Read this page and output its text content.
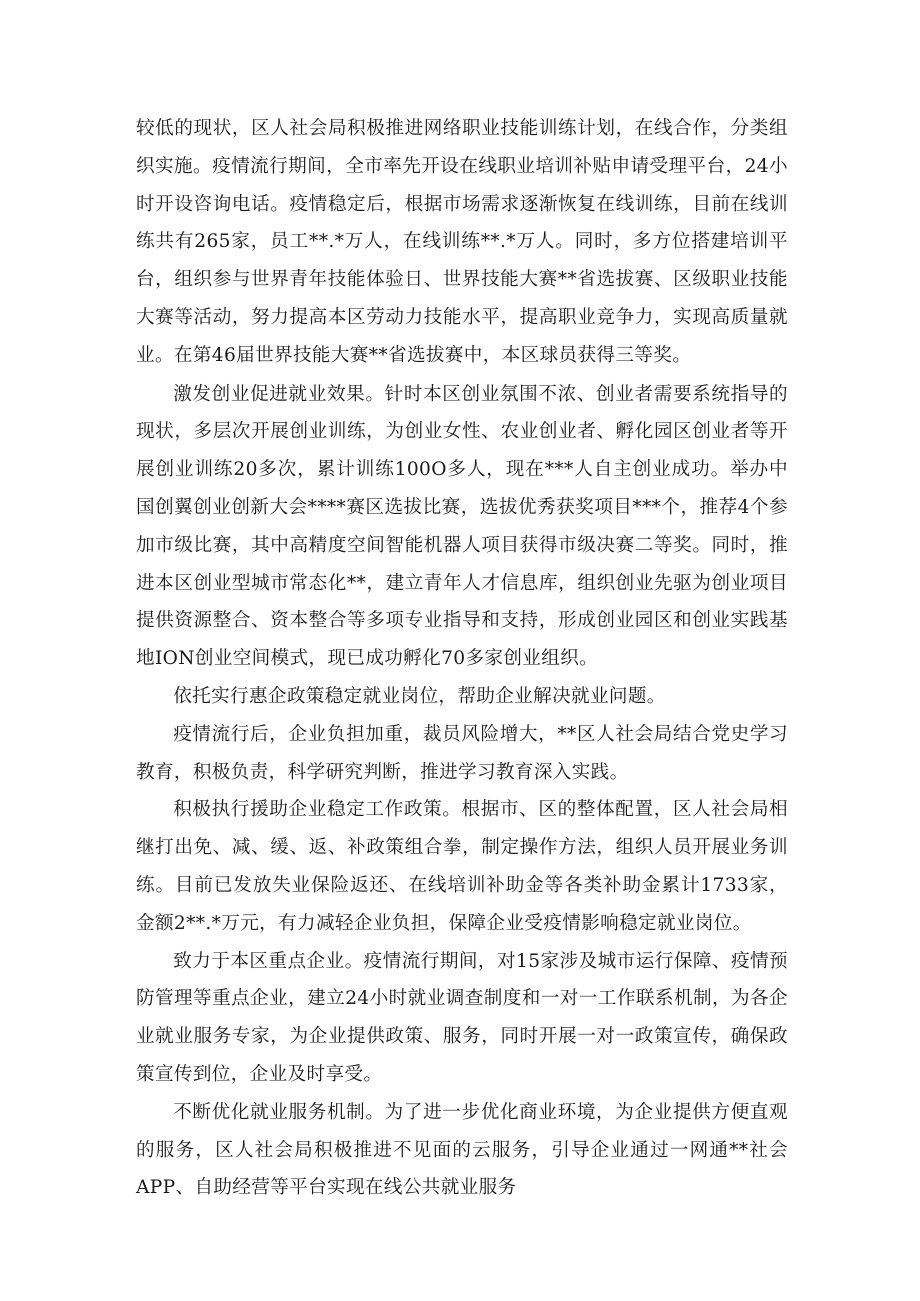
较低的现状，区人社会局积极推进网络职业技能训练计划，在线合作，分类组织实施。疫情流行期间，全市率先开设在线职业培训补贴申请受理平台，24小时开设咨询电话。疫情稳定后，根据市场需求逐渐恢复在线训练，目前在线训练共有265家，员工**.*万人，在线训练**.*万人。同时，多方位搭建培训平台，组织参与世界青年技能体验日、世界技能大赛**省选拔赛、区级职业技能大赛等活动，努力提高本区劳动力技能水平，提高职业竞争力，实现高质量就业。在第46届世界技能大赛**省选拔赛中，本区球员获得三等奖。

激发创业促进就业效果。针时本区创业氛围不浓、创业者需要系统指导的现状，多层次开展创业训练，为创业女性、农业创业者、孵化园区创业者等开展创业训练20多次，累计训练100O多人，现在***人自主创业成功。举办中国创翼创业创新大会****赛区选拔比赛，选拔优秀获奖项目***个，推荐4个参加市级比赛，其中高精度空间智能机器人项目获得市级决赛二等奖。同时，推进本区创业型城市常态化**，建立青年人才信息库，组织创业先驱为创业项目提供资源整合、资本整合等多项专业指导和支持，形成创业园区和创业实践基地ION创业空间模式，现已成功孵化70多家创业组织。

依托实行惠企政策稳定就业岗位，帮助企业解决就业问题。

疫情流行后，企业负担加重，裁员风险增大，**区人社会局结合党史学习教育，积极负责，科学研究判断，推进学习教育深入实践。

积极执行援助企业稳定工作政策。根据市、区的整体配置，区人社会局相继打出免、减、缓、返、补政策组合拳，制定操作方法，组织人员开展业务训练。目前已发放失业保险返还、在线培训补助金等各类补助金累计1733家，金额2**.*万元，有力减轻企业负担，保障企业受疫情影响稳定就业岗位。

致力于本区重点企业。疫情流行期间，对15家涉及城市运行保障、疫情预防管理等重点企业，建立24小时就业调查制度和一对一工作联系机制，为各企业就业服务专家，为企业提供政策、服务，同时开展一对一政策宣传，确保政策宣传到位，企业及时享受。

不断优化就业服务机制。为了进一步优化商业环境，为企业提供方便直观的服务，区人社会局积极推进不见面的云服务，引导企业通过一网通**社会APP、自助经营等平台实现在线公共就业服务
